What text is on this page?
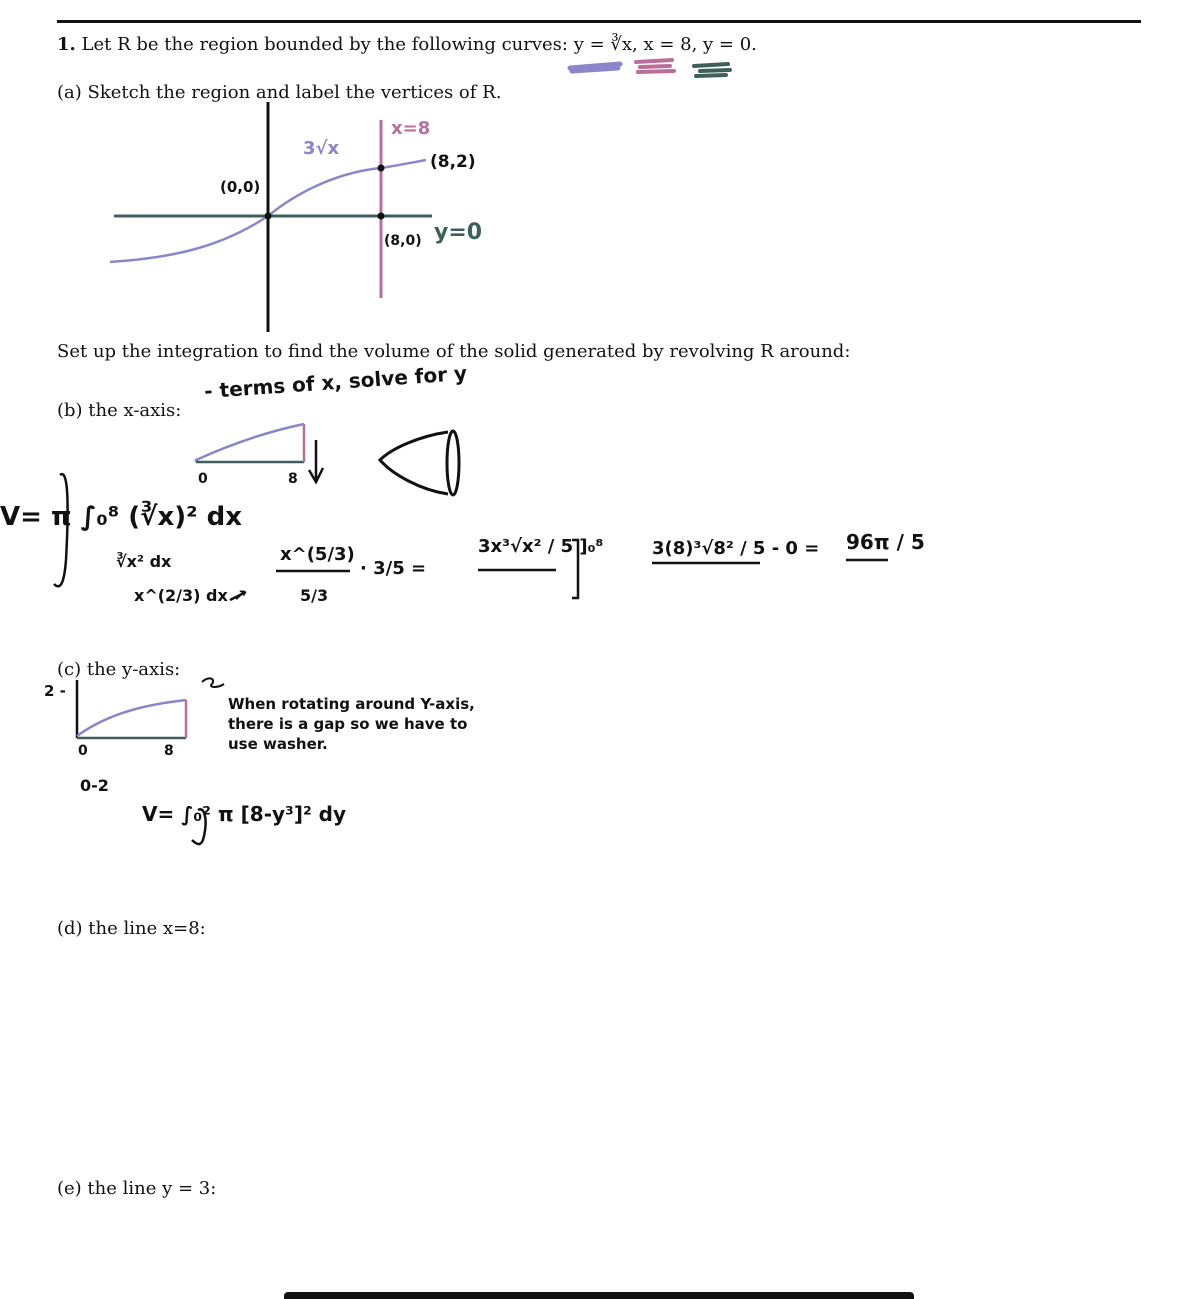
1. Let R be the region bounded by the following curves: y = ∛x, x = 8, y = 0.
(a) Sketch the region and label the vertices of R.
Set up the integration to find the volume of the solid generated by revolving R around:
(b) the x-axis:
(c) the y-axis:
(d) the line x=8:
(e) the line y = 3:
3√x
x=8
(8,2)
(0,0)
(8,0) y=0
- terms of x, solve for y
0	8
V= π ∫₀⁸ (∛x)² dx
∛x² dx
x^(2/3) dx ↗
x^(5/3)
5/3
· 3/5 =
3x³√x² / 5 ]₀⁸	3(8)³√8² / 5 - 0 = 96π / 5
2 -
0	8
0-2
When rotating around Y-axis, there is a gap so we have to use washer.
V= ∫₀² π [8-y³]² dy
